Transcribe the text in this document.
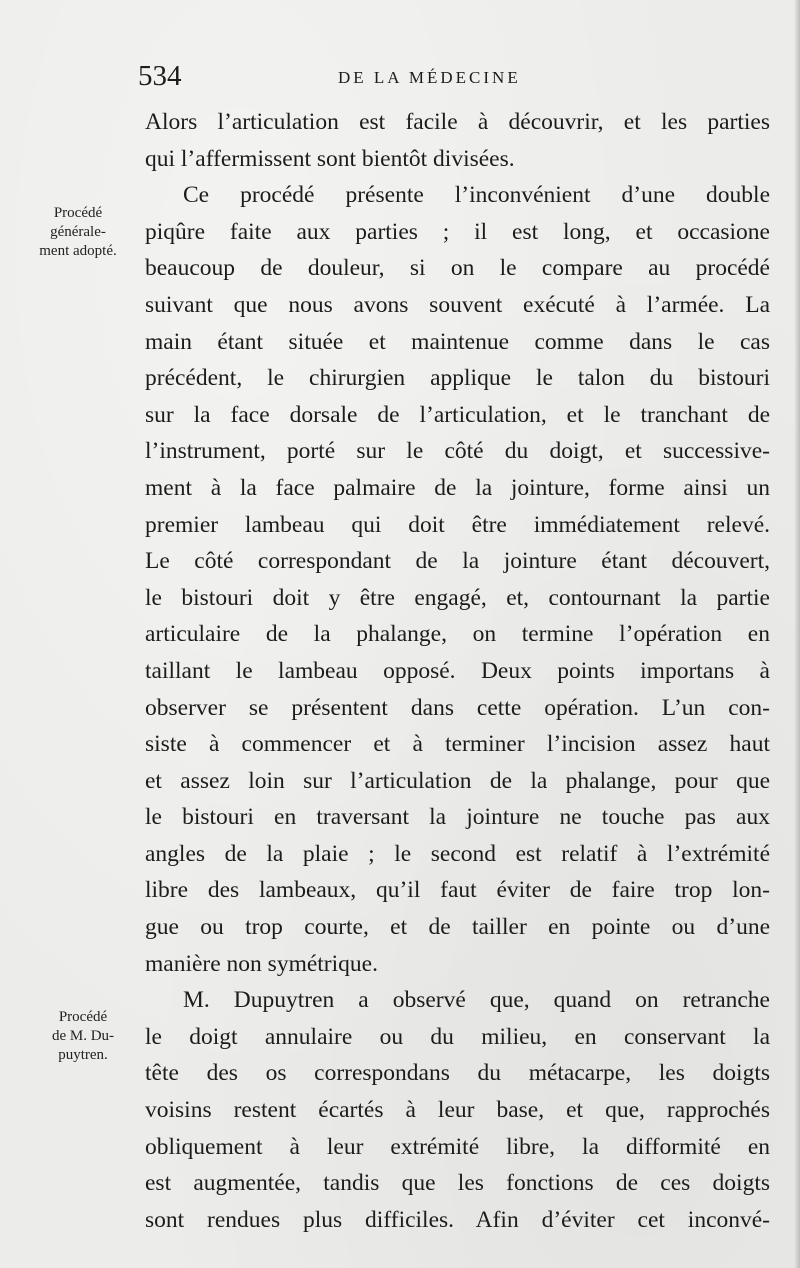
534	DE LA MÉDECINE
Procédé
générale-
ment adopté.
Procédé
de M. Du-
puytren.
Alors l’articulation est facile à découvrir, et les parties
qui l’affermissent sont bientôt divisées.
Ce procédé présente l’inconvénient d’une double
piqûre faite aux parties ; il est long, et occasione
beaucoup de douleur, si on le compare au procédé
suivant que nous avons souvent exécuté à l’armée. La
main étant située et maintenue comme dans le cas
précédent, le chirurgien applique le talon du bistouri
sur la face dorsale de l’articulation, et le tranchant de
l’instrument, porté sur le côté du doigt, et successive-
ment à la face palmaire de la jointure, forme ainsi un
premier lambeau qui doit être immédiatement relevé.
Le côté correspondant de la jointure étant découvert,
le bistouri doit y être engagé, et, contournant la partie
articulaire de la phalange, on termine l’opération en
taillant le lambeau opposé. Deux points importans à
observer se présentent dans cette opération. L’un con-
siste à commencer et à terminer l’incision assez haut
et assez loin sur l’articulation de la phalange, pour que
le bistouri en traversant la jointure ne touche pas aux
angles de la plaie ; le second est relatif à l’extrémité
libre des lambeaux, qu’il faut éviter de faire trop lon-
gue ou trop courte, et de tailler en pointe ou d’une
manière non symétrique.
M. Dupuytren a observé que, quand on retranche
le doigt annulaire ou du milieu, en conservant la
tête des os correspondans du métacarpe, les doigts
voisins restent écartés à leur base, et que, rapprochés
obliquement à leur extrémité libre, la difformité en
est augmentée, tandis que les fonctions de ces doigts
sont rendues plus difficiles. Afin d’éviter cet inconvé-
